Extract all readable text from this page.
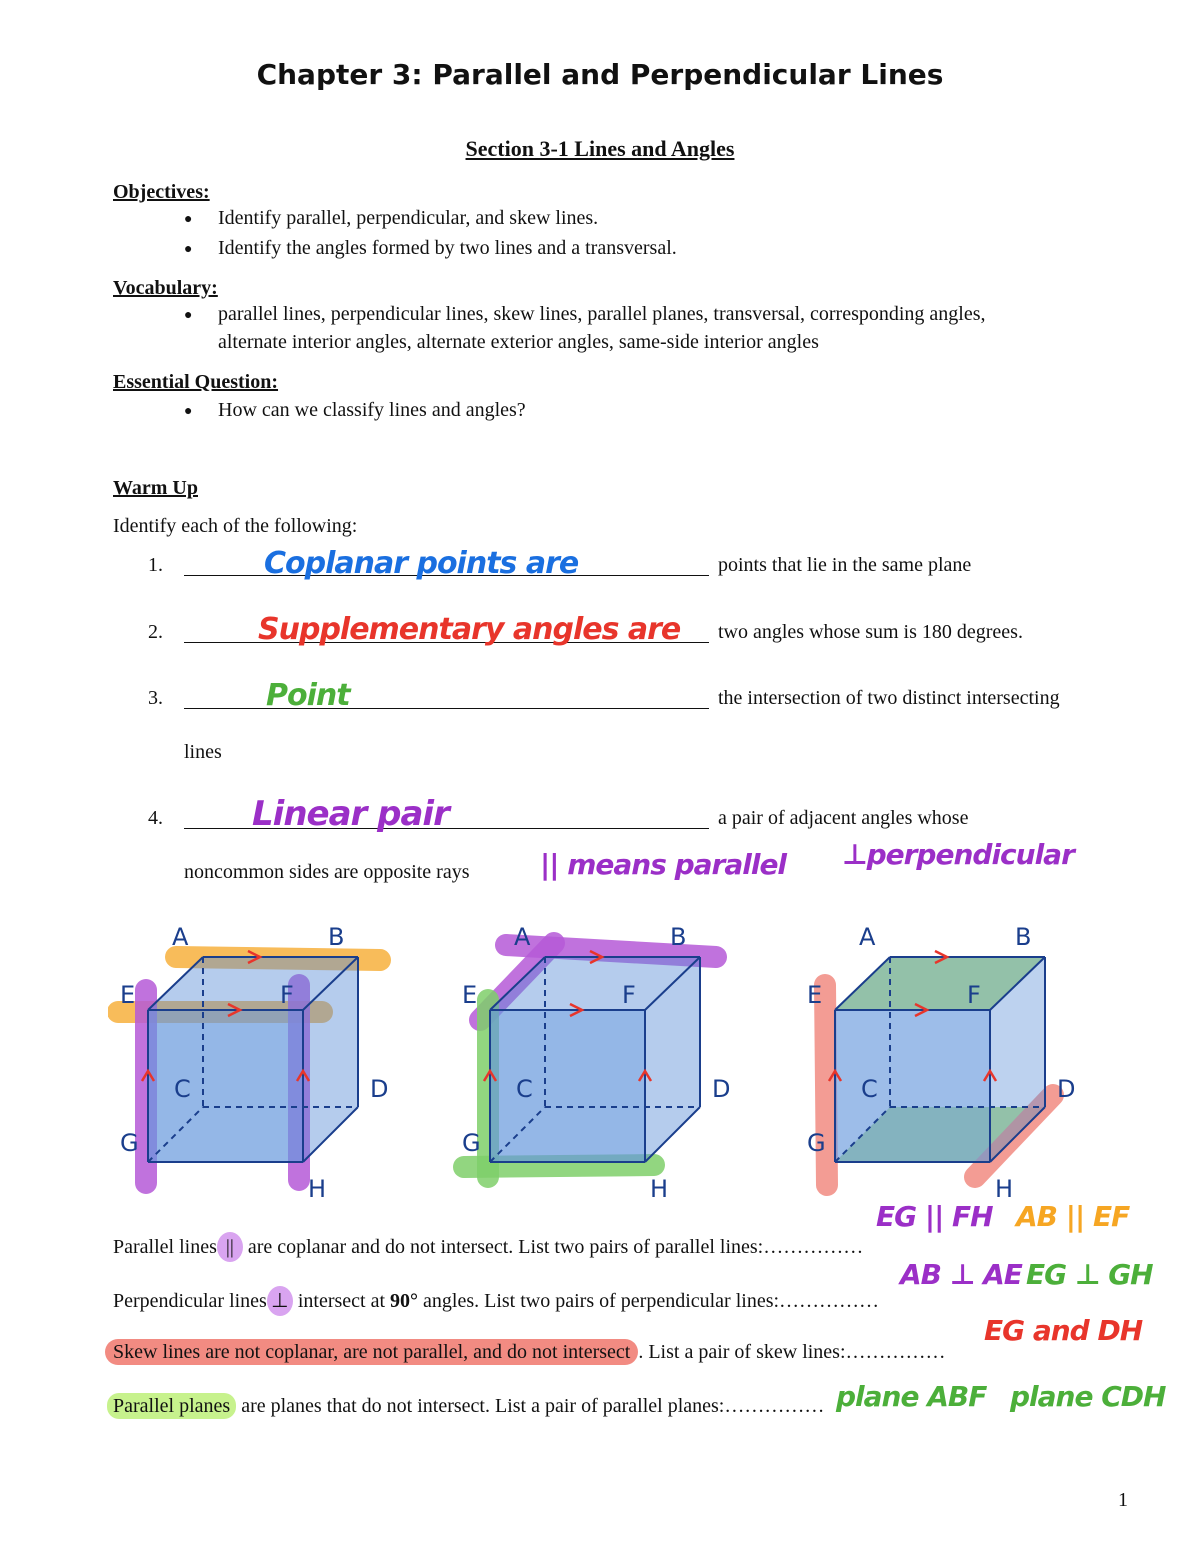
Chapter 3: Parallel and Perpendicular Lines
Section 3-1 Lines and Angles
Objectives:
● Identify parallel, perpendicular, and skew lines.
● Identify the angles formed by two lines and a transversal.
Vocabulary:
● parallel lines, perpendicular lines, skew lines, parallel planes, transversal, corresponding angles,
alternate interior angles, alternate exterior angles, same-side interior angles
Essential Question:
● How can we classify lines and angles?
Warm Up
Identify each of the following:
1.	Coplanar points are	points that lie in the same plane
2.	Supplementary angles are two angles whose sum is 180 degrees.
3.	Point	the intersection of two distinct intersecting
lines
4.	Linear pair	a pair of adjacent angles whose
noncommon sides are opposite rays	|| means parallel ⊥perpendicular
A	B
E	F
C	D
G
H
A	B
E	F
C	D
G
H
A	B
E	F
C	D
G
H
Parallel lines || are coplanar and do not intersect. List two pairs of parallel lines:……………
EG || FH AB || EF
Perpendicular lines ⊥ intersect at 90° angles. List two pairs of perpendicular lines:……………
AB ⊥ AE EG ⊥ GH
Skew lines are not coplanar, are not parallel, and do not intersect . List a pair of skew lines:……………
EG and DH
Parallel planes are planes that do not intersect. List a pair of parallel planes:…………… plane ABF plane CDH
1
